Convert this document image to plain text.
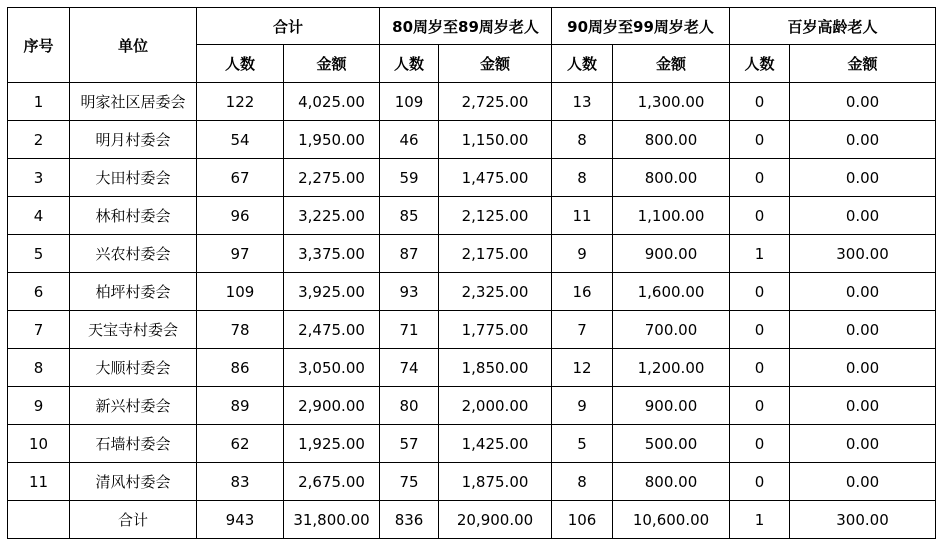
序号	单位	合计		80周岁至89周岁老人		90周岁至99周岁老人		百岁高龄老人	
		人数	金额	人数	金额	人数	金额	人数	金额
1	明家社区居委会	122	4,025.00	109	2,725.00	13	1,300.00	0	0.00
2	明月村委会	54	1,950.00	46	1,150.00	8	800.00	0	0.00
3	大田村委会	67	2,275.00	59	1,475.00	8	800.00	0	0.00
4	林和村委会	96	3,225.00	85	2,125.00	11	1,100.00	0	0.00
5	兴农村委会	97	3,375.00	87	2,175.00	9	900.00	1	300.00
6	柏坪村委会	109	3,925.00	93	2,325.00	16	1,600.00	0	0.00
7	天宝寺村委会	78	2,475.00	71	1,775.00	7	700.00	0	0.00
8	大顺村委会	86	3,050.00	74	1,850.00	12	1,200.00	0	0.00
9	新兴村委会	89	2,900.00	80	2,000.00	9	900.00	0	0.00
10	石墙村委会	62	1,925.00	57	1,425.00	5	500.00	0	0.00
11	清风村委会	83	2,675.00	75	1,875.00	8	800.00	0	0.00
	合计	943	31,800.00	836	20,900.00	106	10,600.00	1	300.00
